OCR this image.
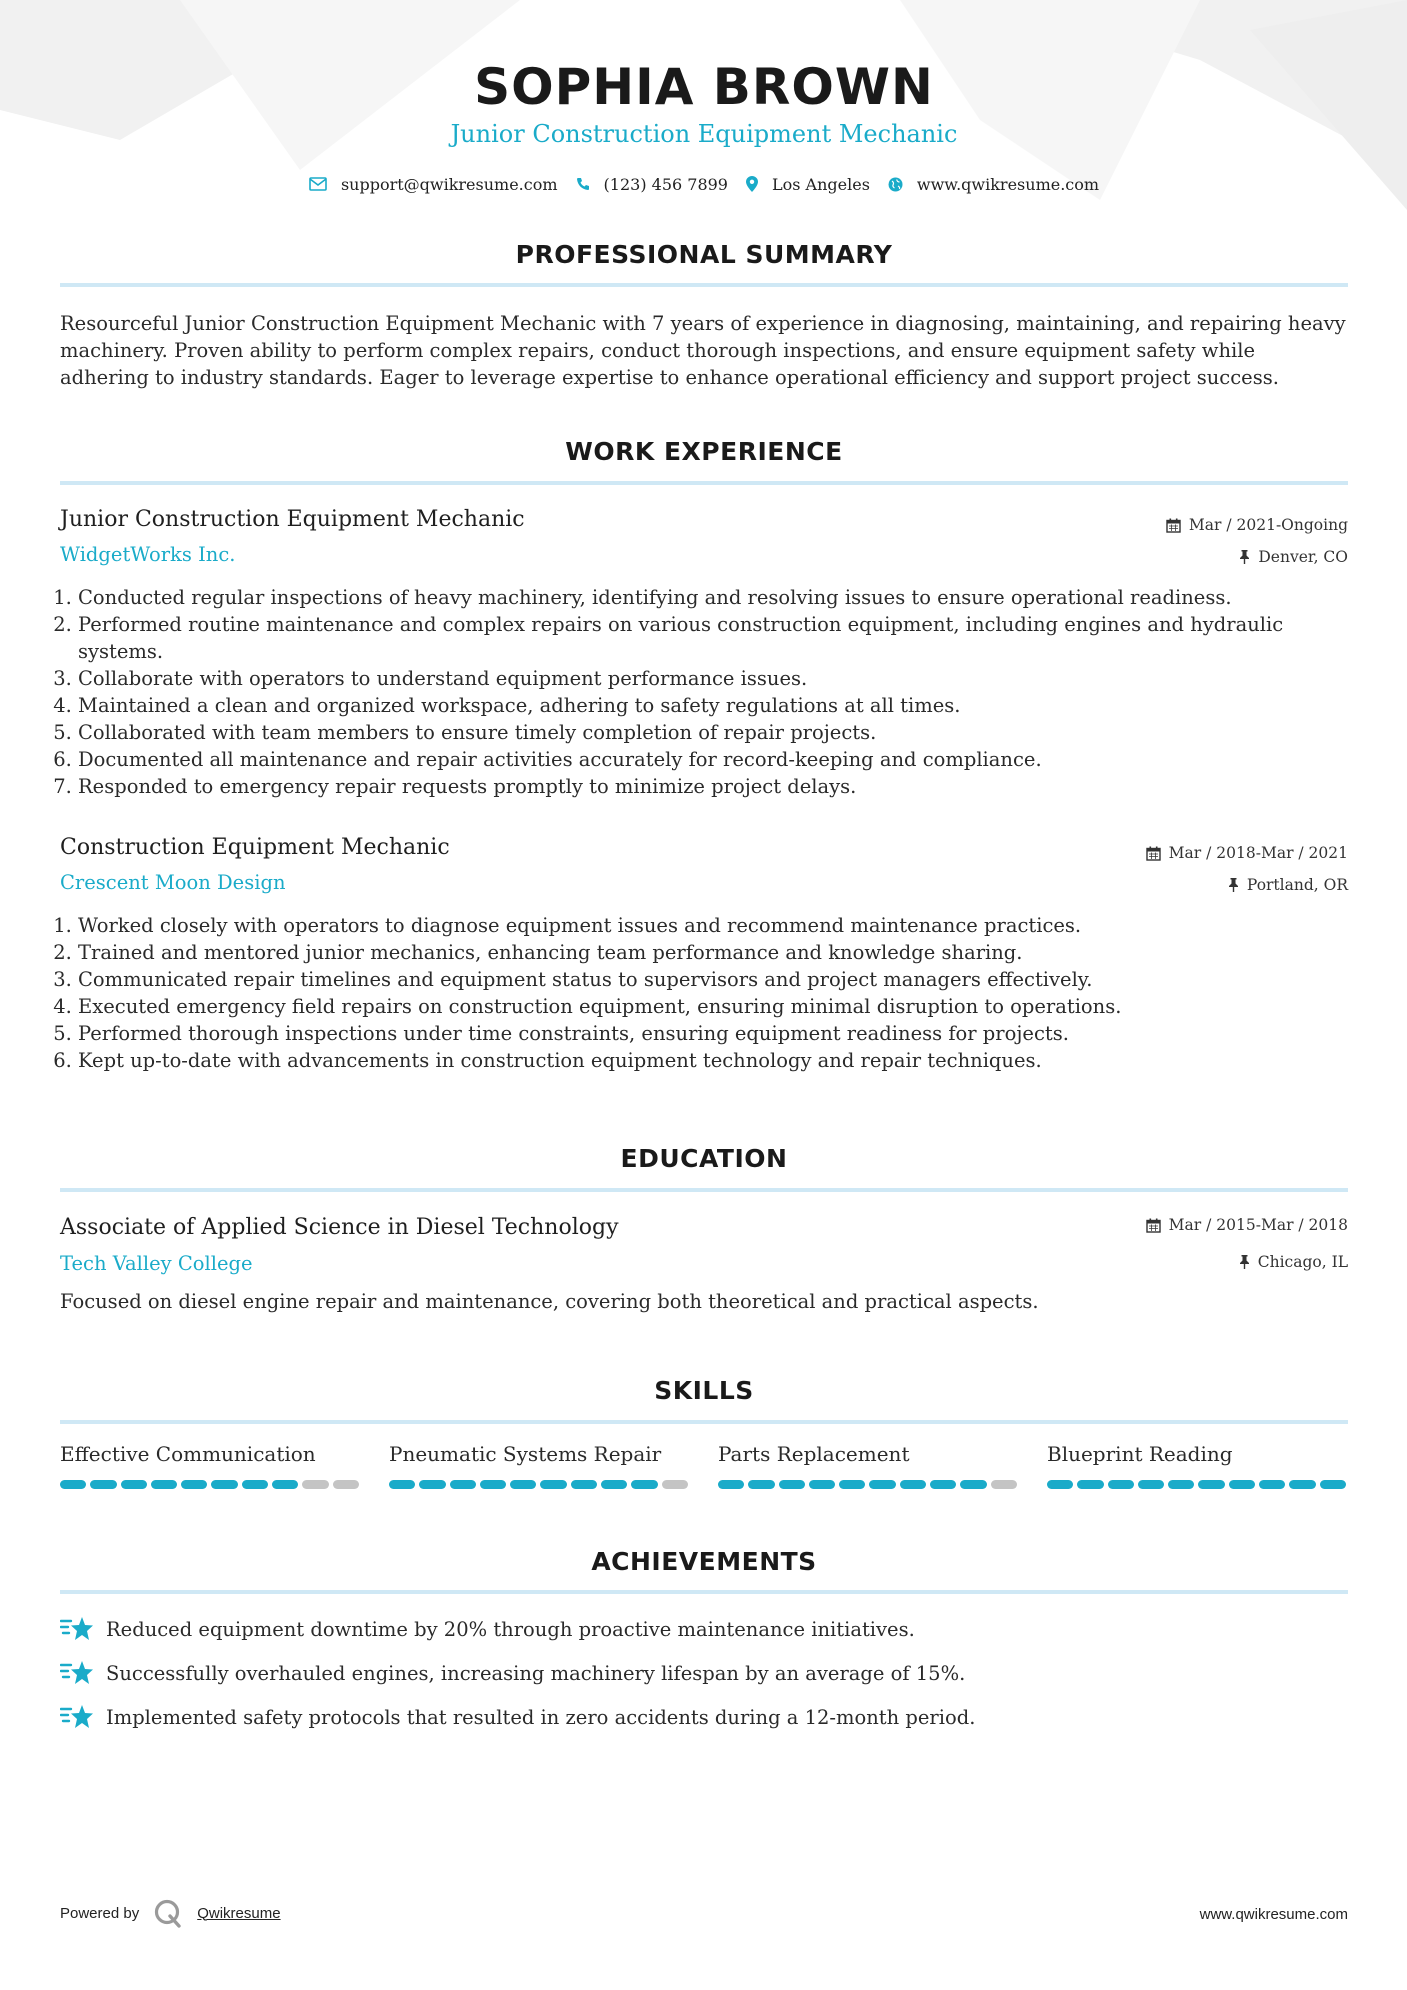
SOPHIA BROWN
Junior Construction Equipment Mechanic
support@qwikresume.com	(123) 456 7899	Los Angeles	www.qwikresume.com
PROFESSIONAL SUMMARY
Resourceful Junior Construction Equipment Mechanic with 7 years of experience in diagnosing, maintaining, and repairing heavy machinery. Proven ability to perform complex repairs, conduct thorough inspections, and ensure equipment safety while adhering to industry standards. Eager to leverage expertise to enhance operational efficiency and support project success.
WORK EXPERIENCE
Junior Construction Equipment Mechanic	Mar / 2021-Ongoing
WidgetWorks Inc.	Denver, CO
1. Conducted regular inspections of heavy machinery, identifying and resolving issues to ensure operational readiness.
2. Performed routine maintenance and complex repairs on various construction equipment, including engines and hydraulic systems.
3. Collaborate with operators to understand equipment performance issues.
4. Maintained a clean and organized workspace, adhering to safety regulations at all times.
5. Collaborated with team members to ensure timely completion of repair projects.
6. Documented all maintenance and repair activities accurately for record-keeping and compliance.
7. Responded to emergency repair requests promptly to minimize project delays.
Construction Equipment Mechanic	Mar / 2018-Mar / 2021
Crescent Moon Design	Portland, OR
1. Worked closely with operators to diagnose equipment issues and recommend maintenance practices.
2. Trained and mentored junior mechanics, enhancing team performance and knowledge sharing.
3. Communicated repair timelines and equipment status to supervisors and project managers effectively.
4. Executed emergency field repairs on construction equipment, ensuring minimal disruption to operations.
5. Performed thorough inspections under time constraints, ensuring equipment readiness for projects.
6. Kept up-to-date with advancements in construction equipment technology and repair techniques.
EDUCATION
Associate of Applied Science in Diesel Technology	Mar / 2015-Mar / 2018
Tech Valley College	Chicago, IL
Focused on diesel engine repair and maintenance, covering both theoretical and practical aspects.
SKILLS
Effective Communication	Pneumatic Systems Repair	Parts Replacement	Blueprint Reading
ACHIEVEMENTS
Reduced equipment downtime by 20% through proactive maintenance initiatives.
Successfully overhauled engines, increasing machinery lifespan by an average of 15%.
Implemented safety protocols that resulted in zero accidents during a 12-month period.
Powered by	Qwikresume	www.qwikresume.com
